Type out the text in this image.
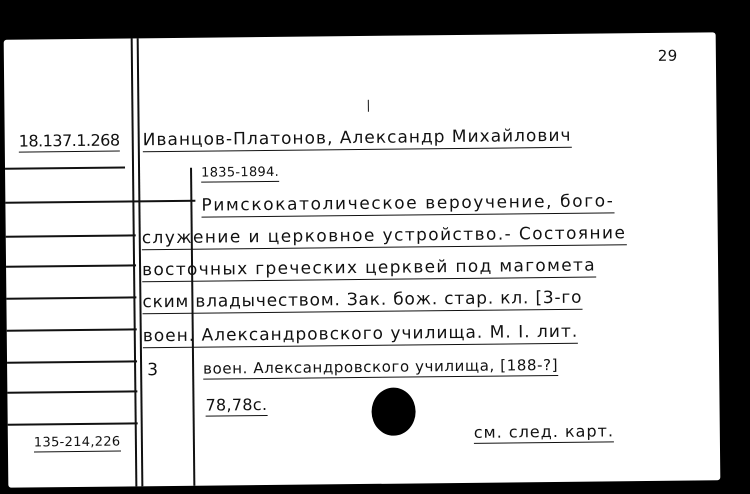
29
|
18.137.1.268 Иванцов-Платонов, Александр Михайлович
1835-1894.
Римскокатолическое вероучение, бого-
служение и церковное устройство.- Состояние
восточных греческих церквей под магомета
ским владычеством. Зак. бож. стар. кл. [3-го
воен. Александровского училища. M. I. лит.
3	воен. Александровского училища, [188-?]
78,78c.
135-214,226
см. след. карт.
